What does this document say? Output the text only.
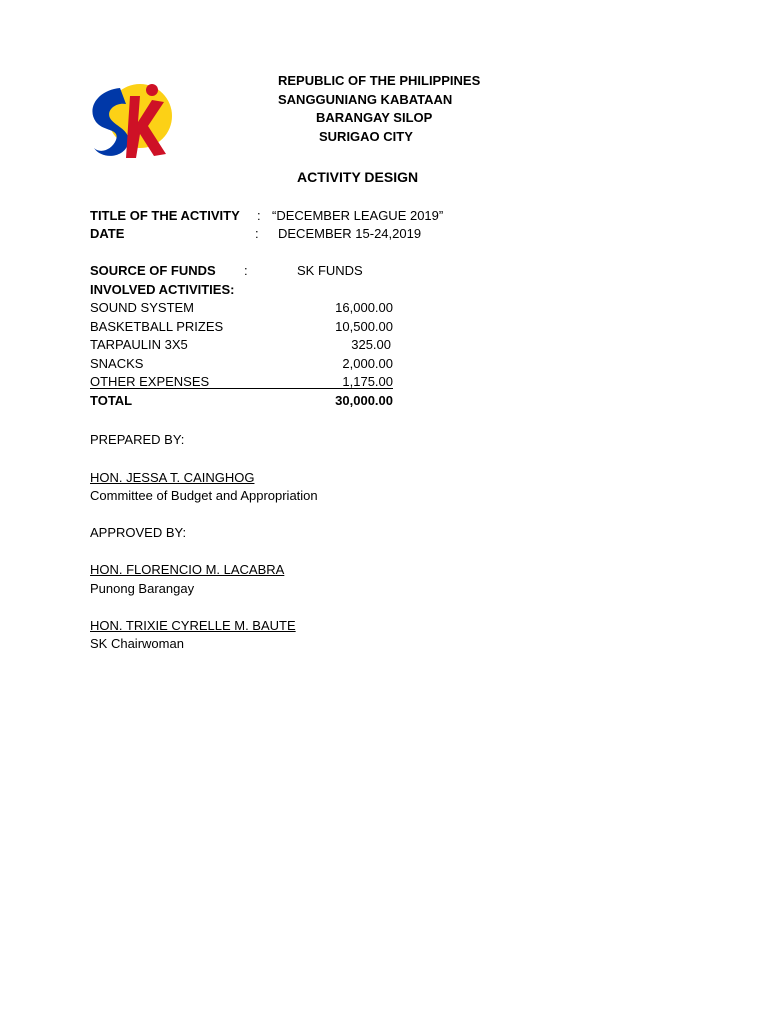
REPUBLIC OF THE PHILIPPINES
SANGGUNIANG KABATAAN
BARANGAY SILOP
SURIGAO CITY
ACTIVITY DESIGN
TITLE OF THE ACTIVITY : “DECEMBER LEAGUE 2019”
DATE	: DECEMBER 15-24,2019
SOURCE OF FUNDS :	SK FUNDS
INVOLVED ACTIVITIES:
SOUND SYSTEM	16,000.00
BASKETBALL PRIZES	10,500.00
TARPAULIN 3X5	325.00
SNACKS	2,000.00
OTHER EXPENSES	1,175.00
TOTAL	30,000.00
PREPARED BY:
HON. JESSA T. CAINGHOG
Committee of Budget and Appropriation
APPROVED BY:
HON. FLORENCIO M. LACABRA
Punong Barangay
HON. TRIXIE CYRELLE M. BAUTE
SK Chairwoman
